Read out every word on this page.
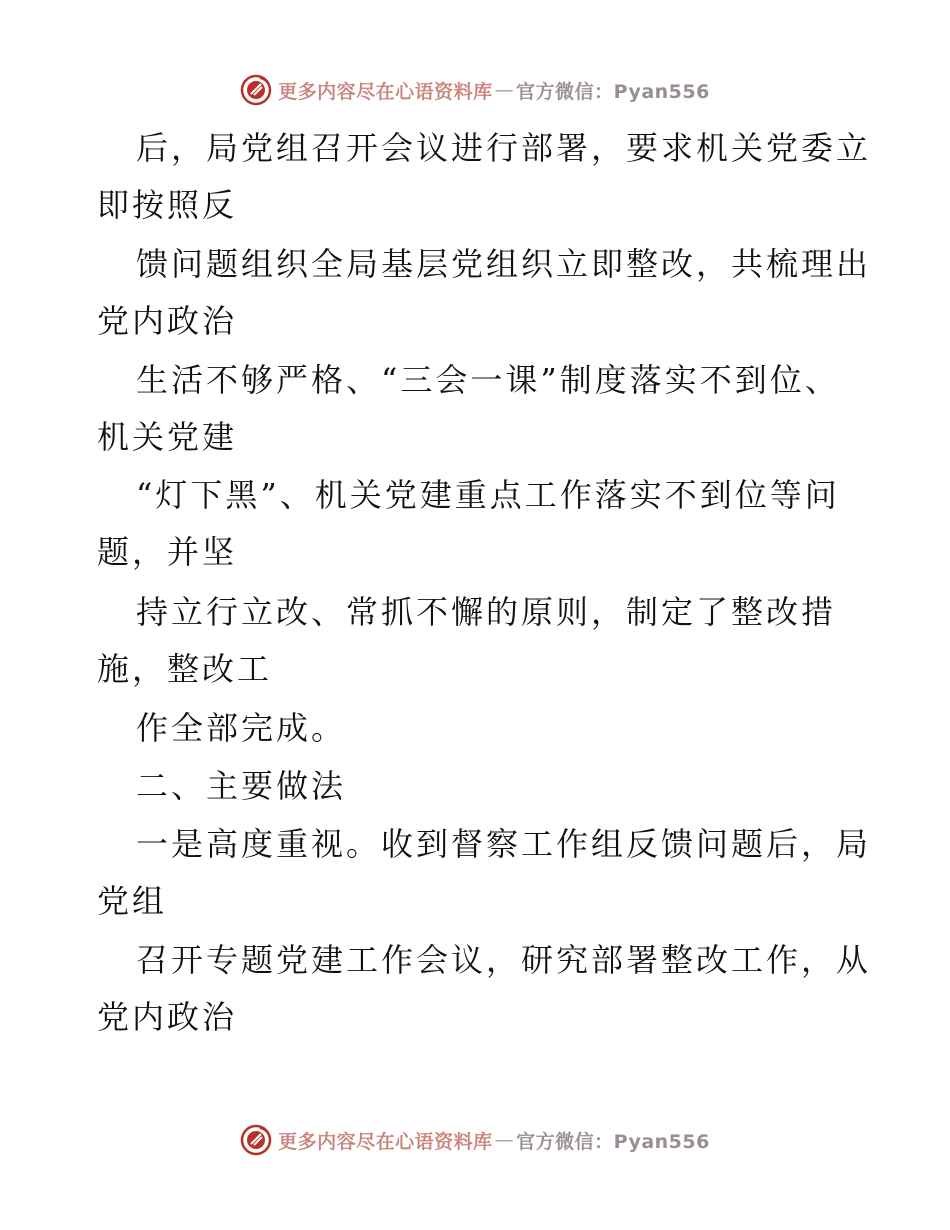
更多内容尽在心语资料库 — 官方微信：Pyan556
后，局党组召开会议进行部署，要求机关党委立
即按照反
馈问题组织全局基层党组织立即整改，共梳理出
党内政治
生活不够严格、“三会一课”制度落实不到位、
机关党建
“灯下黑”、机关党建重点工作落实不到位等问
题，并坚
持立行立改、常抓不懈的原则，制定了整改措
施，整改工
作全部完成。
二、主要做法
一是高度重视。收到督察工作组反馈问题后，局
党组
召开专题党建工作会议，研究部署整改工作，从
党内政治
更多内容尽在心语资料库 — 官方微信：Pyan556
